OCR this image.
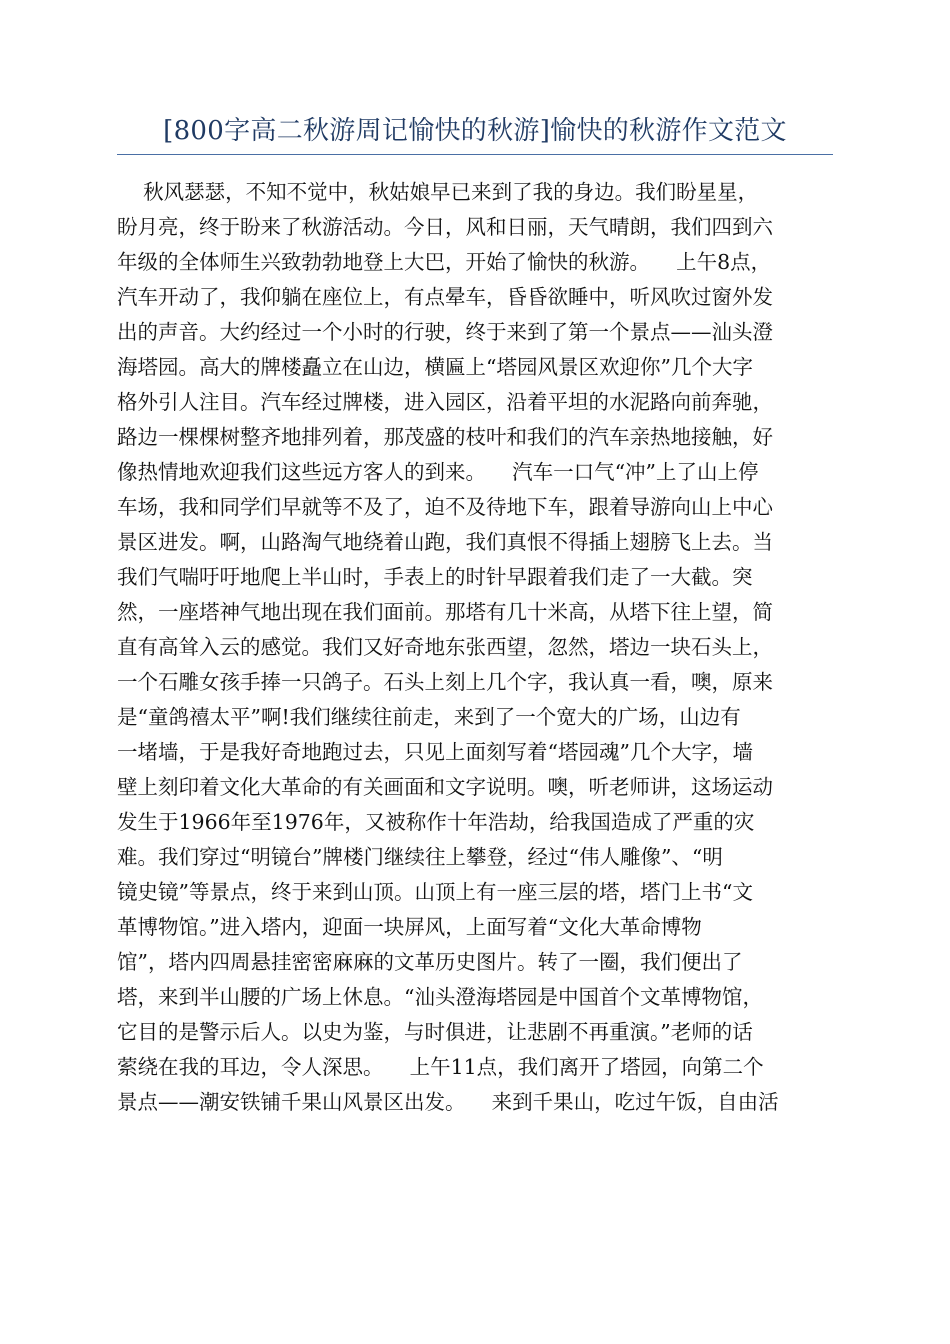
[800字高二秋游周记愉快的秋游]愉快的秋游作文范文
秋风瑟瑟，不知不觉中，秋姑娘早已来到了我的身边。我们盼星星，
盼月亮，终于盼来了秋游活动。今日，风和日丽，天气晴朗，我们四到六
年级的全体师生兴致勃勃地登上大巴，开始了愉快的秋游。    上午8点，
汽车开动了，我仰躺在座位上，有点晕车，昏昏欲睡中，听风吹过窗外发
出的声音。大约经过一个小时的行驶，终于来到了第一个景点——汕头澄
海塔园。高大的牌楼矗立在山边，横匾上“塔园风景区欢迎你”几个大字
格外引人注目。汽车经过牌楼，进入园区，沿着平坦的水泥路向前奔驰，
路边一棵棵树整齐地排列着，那茂盛的枝叶和我们的汽车亲热地接触，好
像热情地欢迎我们这些远方客人的到来。    汽车一口气“冲”上了山上停
车场，我和同学们早就等不及了，迫不及待地下车，跟着导游向山上中心
景区进发。啊，山路淘气地绕着山跑，我们真恨不得插上翅膀飞上去。当
我们气喘吁吁地爬上半山时，手表上的时针早跟着我们走了一大截。突
然，一座塔神气地出现在我们面前。那塔有几十米高，从塔下往上望，简
直有高耸入云的感觉。我们又好奇地东张西望，忽然，塔边一块石头上，
一个石雕女孩手捧一只鸽子。石头上刻上几个字，我认真一看，噢，原来
是“童鸽禧太平”啊!我们继续往前走，来到了一个宽大的广场，山边有
一堵墙，于是我好奇地跑过去，只见上面刻写着“塔园魂”几个大字，墙
壁上刻印着文化大革命的有关画面和文字说明。噢，听老师讲，这场运动
发生于1966年至1976年，又被称作十年浩劫，给我国造成了严重的灾
难。我们穿过“明镜台”牌楼门继续往上攀登，经过“伟人雕像”、“明
镜史镜”等景点，终于来到山顶。山顶上有一座三层的塔，塔门上书“文
革博物馆。”进入塔内，迎面一块屏风，上面写着“文化大革命博物
馆”，塔内四周悬挂密密麻麻的文革历史图片。转了一圈，我们便出了
塔，来到半山腰的广场上休息。“汕头澄海塔园是中国首个文革博物馆，
它目的是警示后人。以史为鉴，与时俱进，让悲剧不再重演。”老师的话
萦绕在我的耳边，令人深思。    上午11点，我们离开了塔园，向第二个
景点——潮安铁铺千果山风景区出发。    来到千果山，吃过午饭，自由活
